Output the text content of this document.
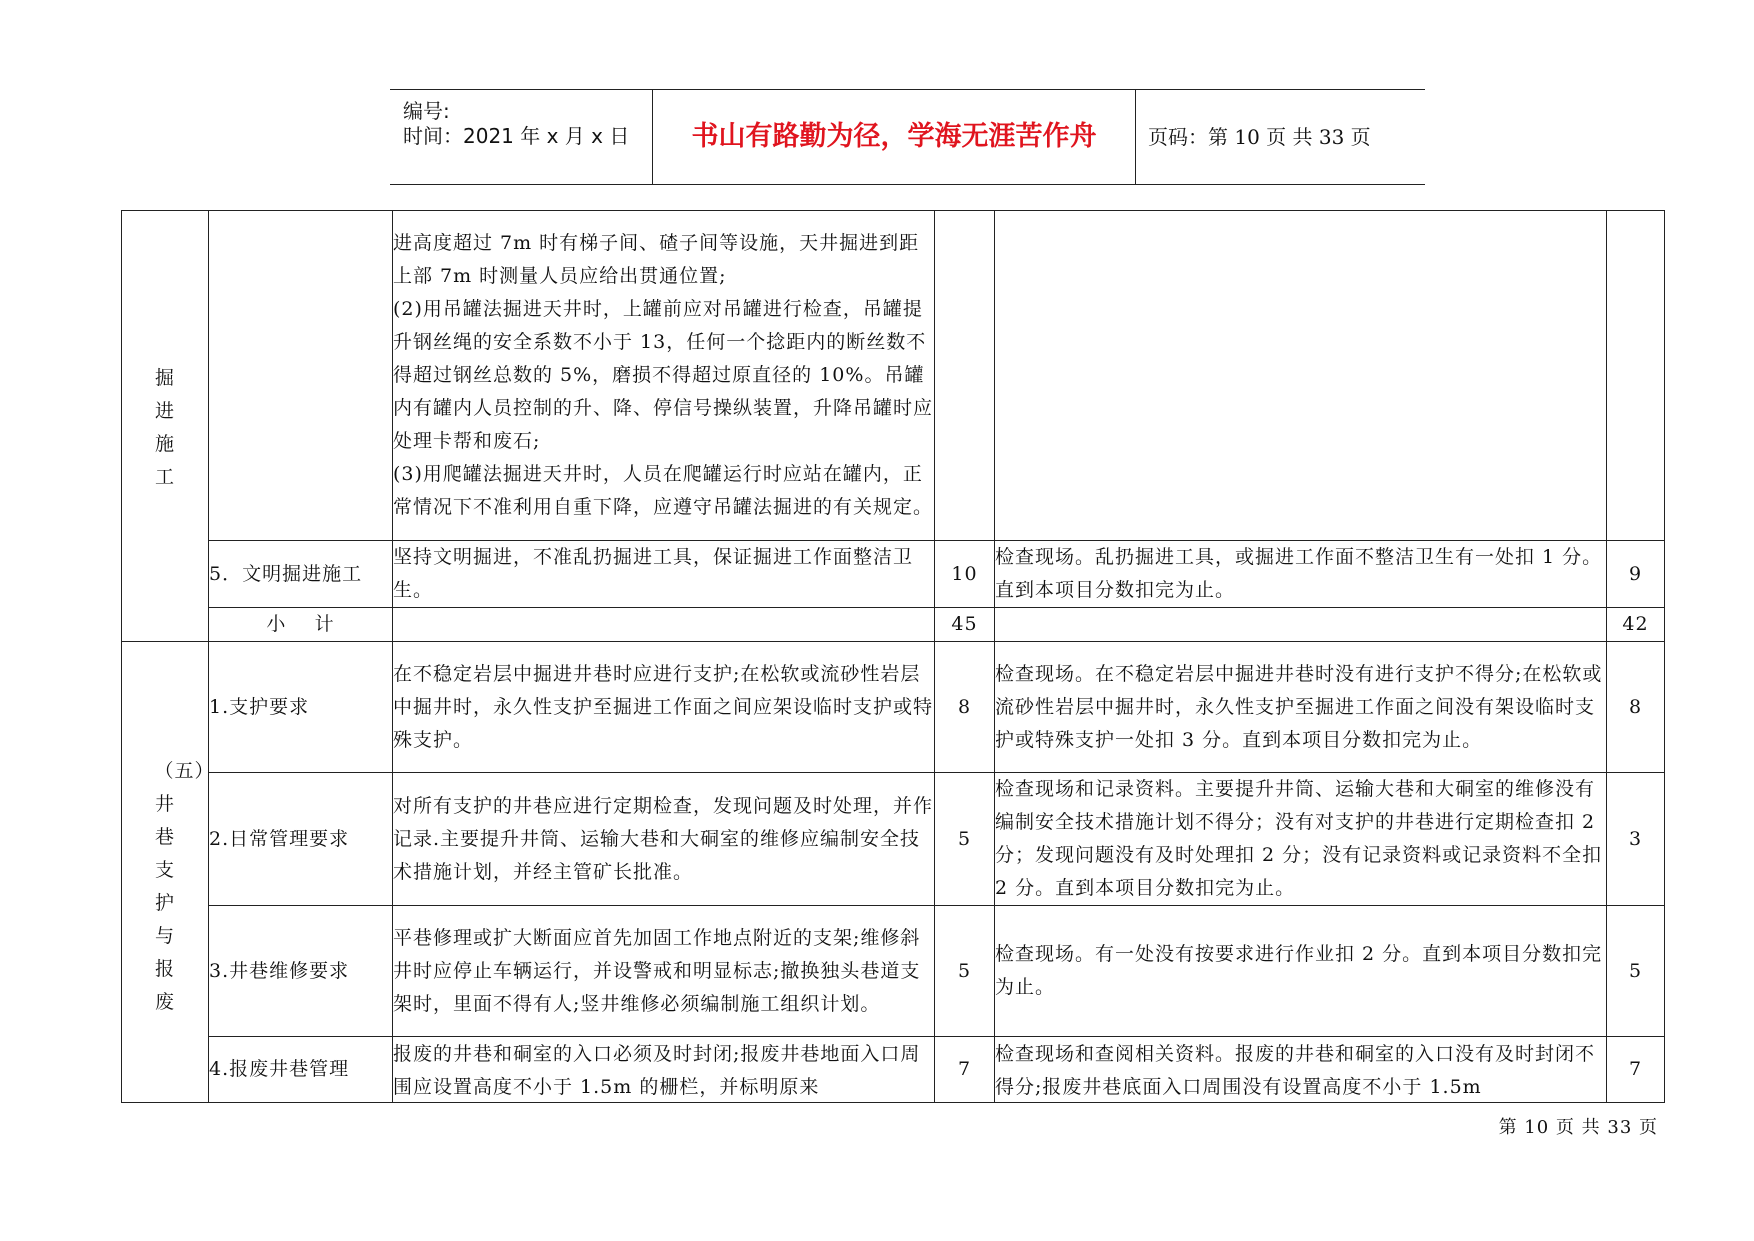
编号:
时间：2021 年 x 月 x 日	书山有路勤为径，学海无涯苦作舟	页码：第 10 页 共 33 页
掘进施工		进高度超过 7m 时有梯子间、碴子间等设施，天井掘进到距上部 7m 时测量人员应给出贯通位置;
(2)用吊罐法掘进天井时，上罐前应对吊罐进行检查，吊罐提升钢丝绳的安全系数不小于 13，任何一个捻距内的断丝数不得超过钢丝总数的 5%，磨损不得超过原直径的 10%。吊罐内有罐内人员控制的升、降、停信号操纵装置，升降吊罐时应处理卡帮和废石;
(3)用爬罐法掘进天井时，人员在爬罐运行时应站在罐内，正常情况下不准利用自重下降，应遵守吊罐法掘进的有关规定。			

	5．文明掘进施工	坚持文明掘进，不准乱扔掘进工具，保证掘进工作面整洁卫生。	10	检查现场。乱扔掘进工具，或掘进工作面不整洁卫生有一处扣 1 分。直到本项目分数扣完为止。	9
	小    计		45		42

（五）井巷支护与报废	1.支护要求	在不稳定岩层中掘进井巷时应进行支护;在松软或流砂性岩层中掘井时，永久性支护至掘进工作面之间应架设临时支护或特殊支护。	8	检查现场。在不稳定岩层中掘进井巷时没有进行支护不得分;在松软或流砂性岩层中掘井时，永久性支护至掘进工作面之间没有架设临时支护或特殊支护一处扣 3 分。直到本项目分数扣完为止。	8
	2.日常管理要求	对所有支护的井巷应进行定期检查，发现问题及时处理，并作记录.主要提升井筒、运输大巷和大硐室的维修应编制安全技术措施计划，并经主管矿长批准。	5	检查现场和记录资料。主要提升井筒、运输大巷和大硐室的维修没有编制安全技术措施计划不得分；没有对支护的井巷进行定期检查扣 2 分；发现问题没有及时处理扣 2 分；没有记录资料或记录资料不全扣 2 分。直到本项目分数扣完为止。	3
	3.井巷维修要求	平巷修理或扩大断面应首先加固工作地点附近的支架;维修斜井时应停止车辆运行，并设警戒和明显标志;撤换独头巷道支架时，里面不得有人;竖井维修必须编制施工组织计划。	5	检查现场。有一处没有按要求进行作业扣 2 分。直到本项目分数扣完为止。	5
	4.报废井巷管理	报废的井巷和硐室的入口必须及时封闭;报废井巷地面入口周围应设置高度不小于 1.5m 的栅栏，并标明原来	7	检查现场和查阅相关资料。报废的井巷和硐室的入口没有及时封闭不得分;报废井巷底面入口周围没有设置高度不小于 1.5m	7
第 10 页 共 33 页
